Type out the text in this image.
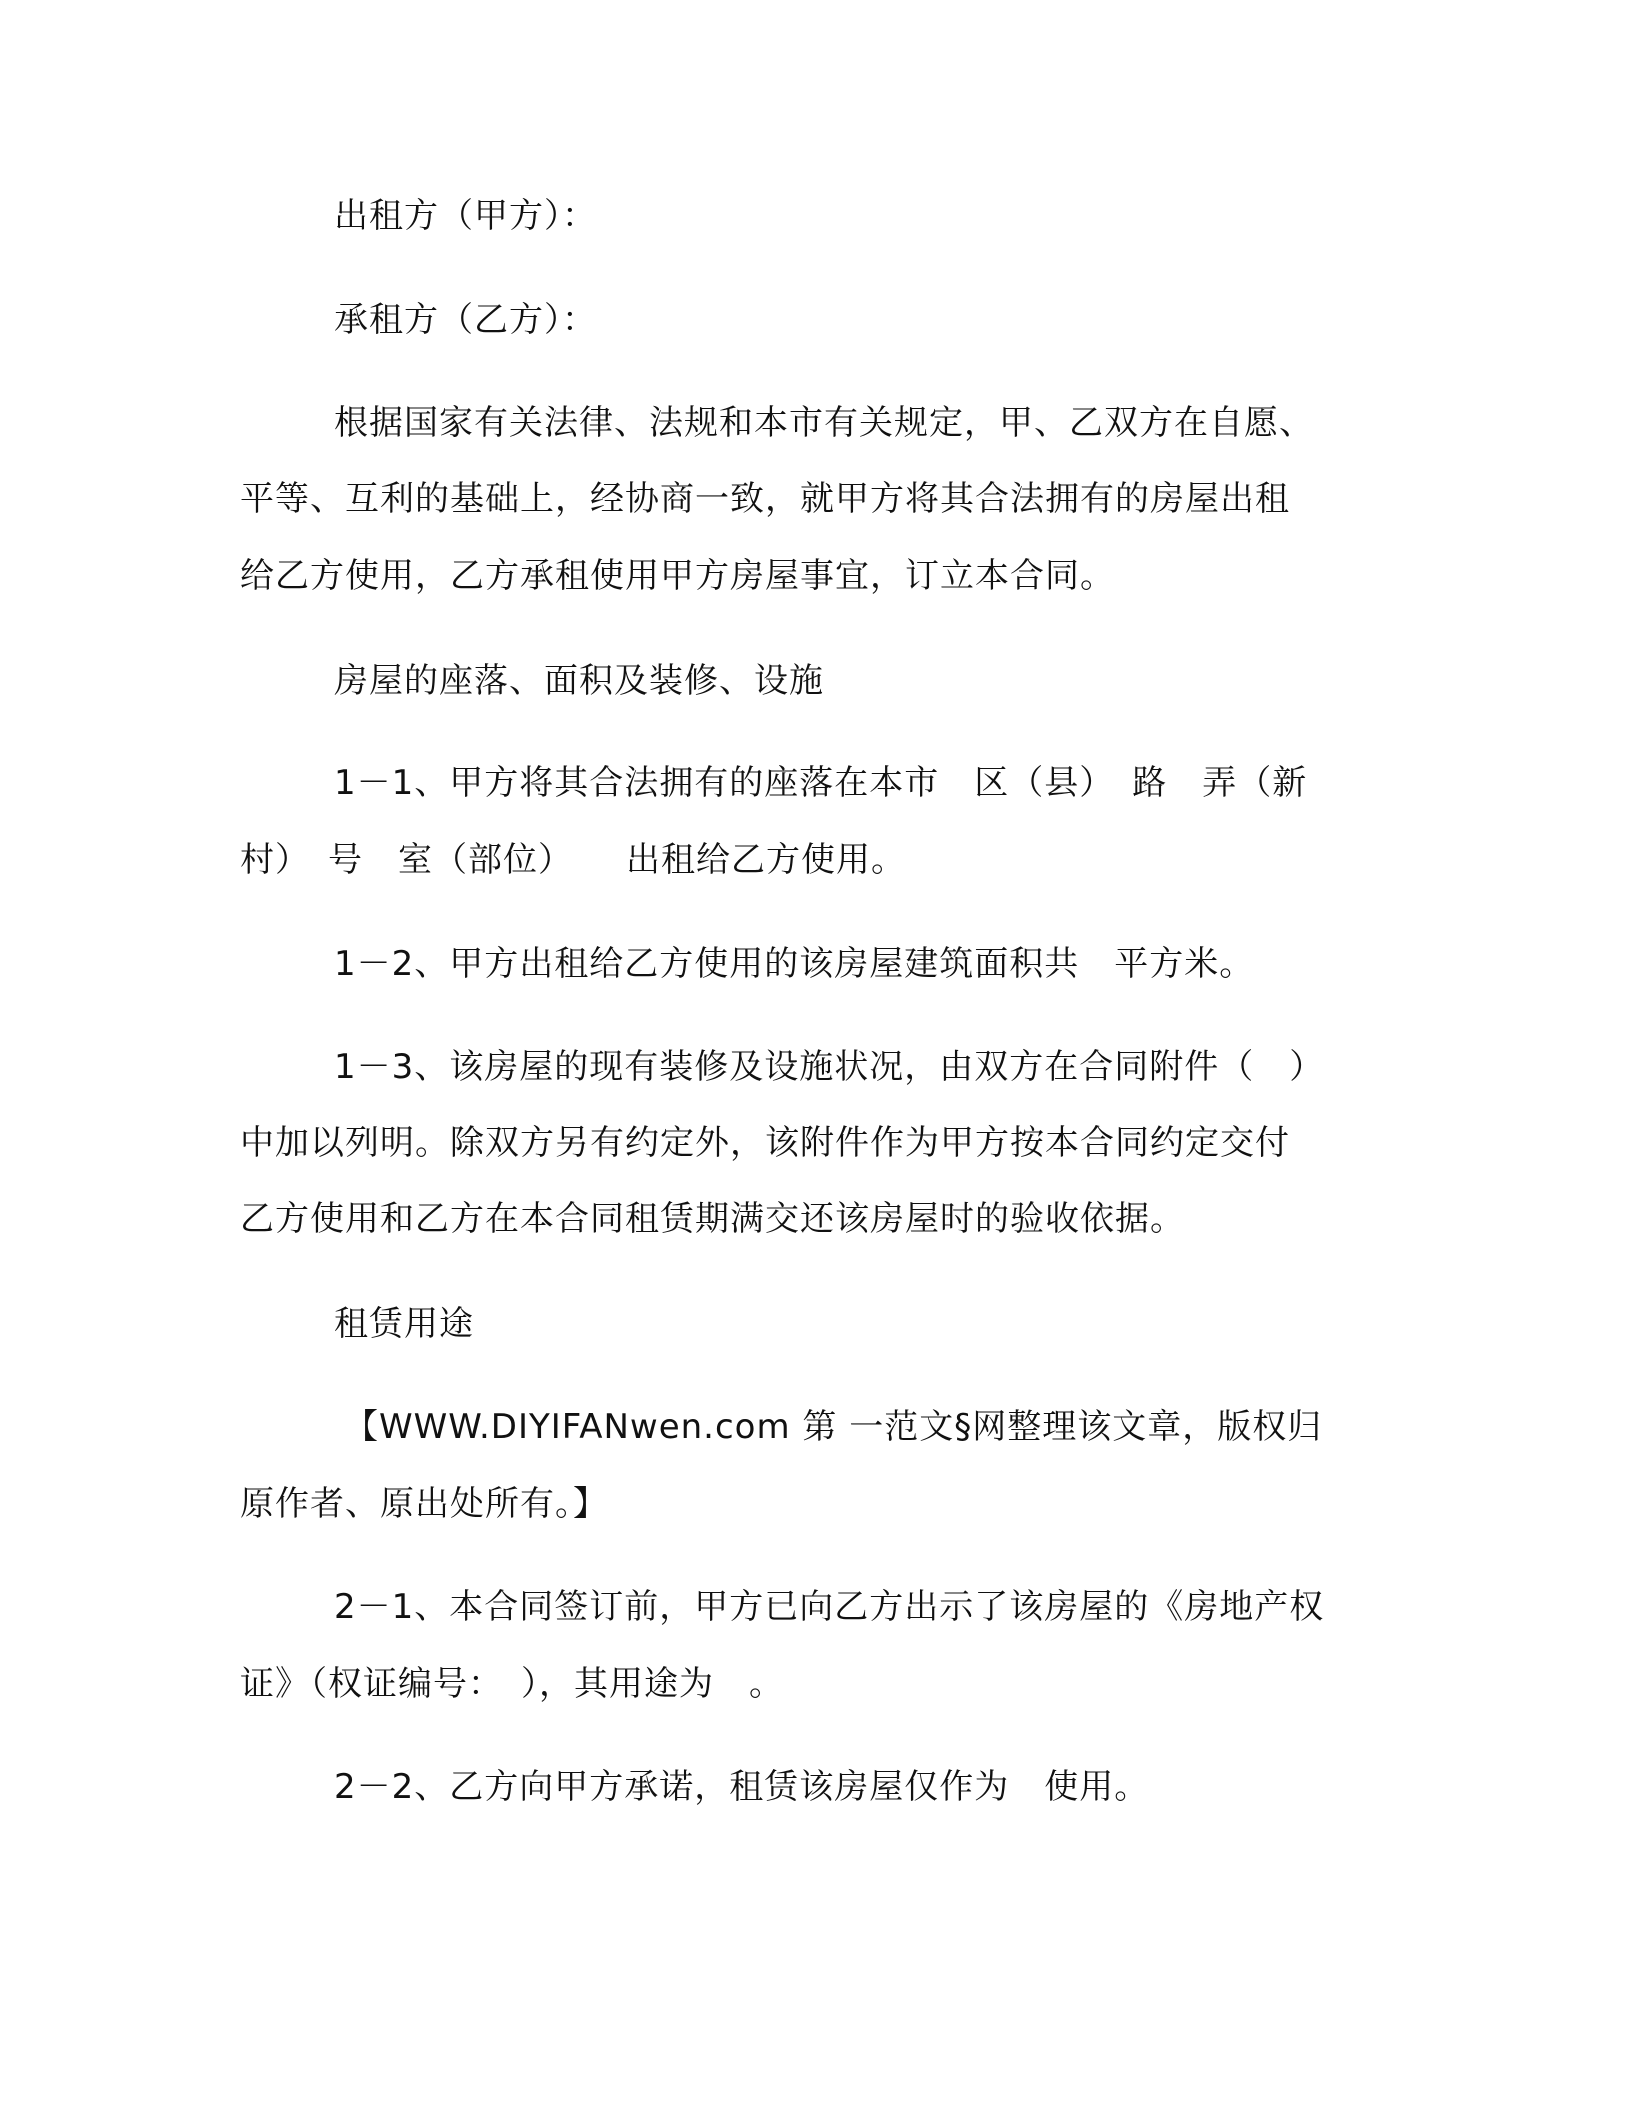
出租方（甲方）：
承租方（乙方）：
根据国家有关法律、法规和本市有关规定，甲、乙双方在自愿、
平等、互利的基础上，经协商一致，就甲方将其合法拥有的房屋出租
给乙方使用，乙方承租使用甲方房屋事宜，订立本合同。
房屋的座落、面积及装修、设施
1－1、甲方将其合法拥有的座落在本市　区（县）　路　弄（新
村）　号　室（部位）　　出租给乙方使用。
1－2、甲方出租给乙方使用的该房屋建筑面积共　平方米。
1－3、该房屋的现有装修及设施状况，由双方在合同附件（　）
中加以列明。除双方另有约定外，该附件作为甲方按本合同约定交付
乙方使用和乙方在本合同租赁期满交还该房屋时的验收依据。
租赁用途
【WWW.DIYIFANwen.com 第 一范文§网整理该文章，版权归
原作者、原出处所有。】
2－1、本合同签订前，甲方已向乙方出示了该房屋的《房地产权
证》（权证编号：　），其用途为　。
2－2、乙方向甲方承诺，租赁该房屋仅作为　使用。
